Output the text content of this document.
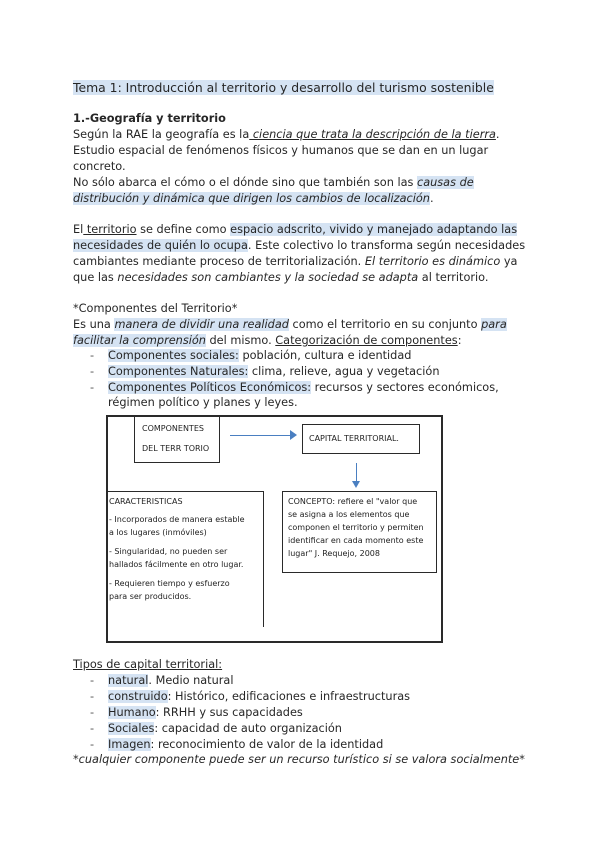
Tema 1: Introducción al territorio y desarrollo del turismo sostenible
1.-Geografía y territorio
Según la RAE la geografía es la ciencia que trata la descripción de la tierra.
Estudio espacial de fenómenos físicos y humanos que se dan en un lugar
concreto.
No sólo abarca el cómo o el dónde sino que también son las causas de
distribución y dinámica que dirigen los cambios de localización.
El territorio se define como espacio adscrito, vivido y manejado adaptando las
necesidades de quién lo ocupa. Este colectivo lo transforma según necesidades
cambiantes mediante proceso de territorialización. El territorio es dinámico ya
que las necesidades son cambiantes y la sociedad se adapta al territorio.
*Componentes del Territorio*
Es una manera de dividir una realidad como el territorio en su conjunto para
facilitar la comprensión del mismo. Categorización de componentes:
- Componentes sociales: población, cultura e identidad
- Componentes Naturales: clima, relieve, agua y vegetación
- Componentes Políticos Económicos: recursos y sectores económicos,
régimen político y planes y leyes.
COMPONENTES
DEL TERR TORIO
CAPITAL TERRITORIAL.
CARACTERISTICAS
- Incorporados de manera estable
a los lugares (inmóviles)
- Singularidad, no pueden ser
hallados fácilmente en otro lugar.
- Requieren tiempo y esfuerzo
para ser producidos.
CONCEPTO: refiere el "valor que
se asigna a los elementos que
componen el territorio y permiten
identificar en cada momento este
lugar" J. Requejo, 2008
Tipos de capital territorial:
- natural. Medio natural
- construido: Histórico, edificaciones e infraestructuras
- Humano: RRHH y sus capacidades
- Sociales: capacidad de auto organización
- Imagen: reconocimiento de valor de la identidad
*cualquier componente puede ser un recurso turístico si se valora socialmente*
